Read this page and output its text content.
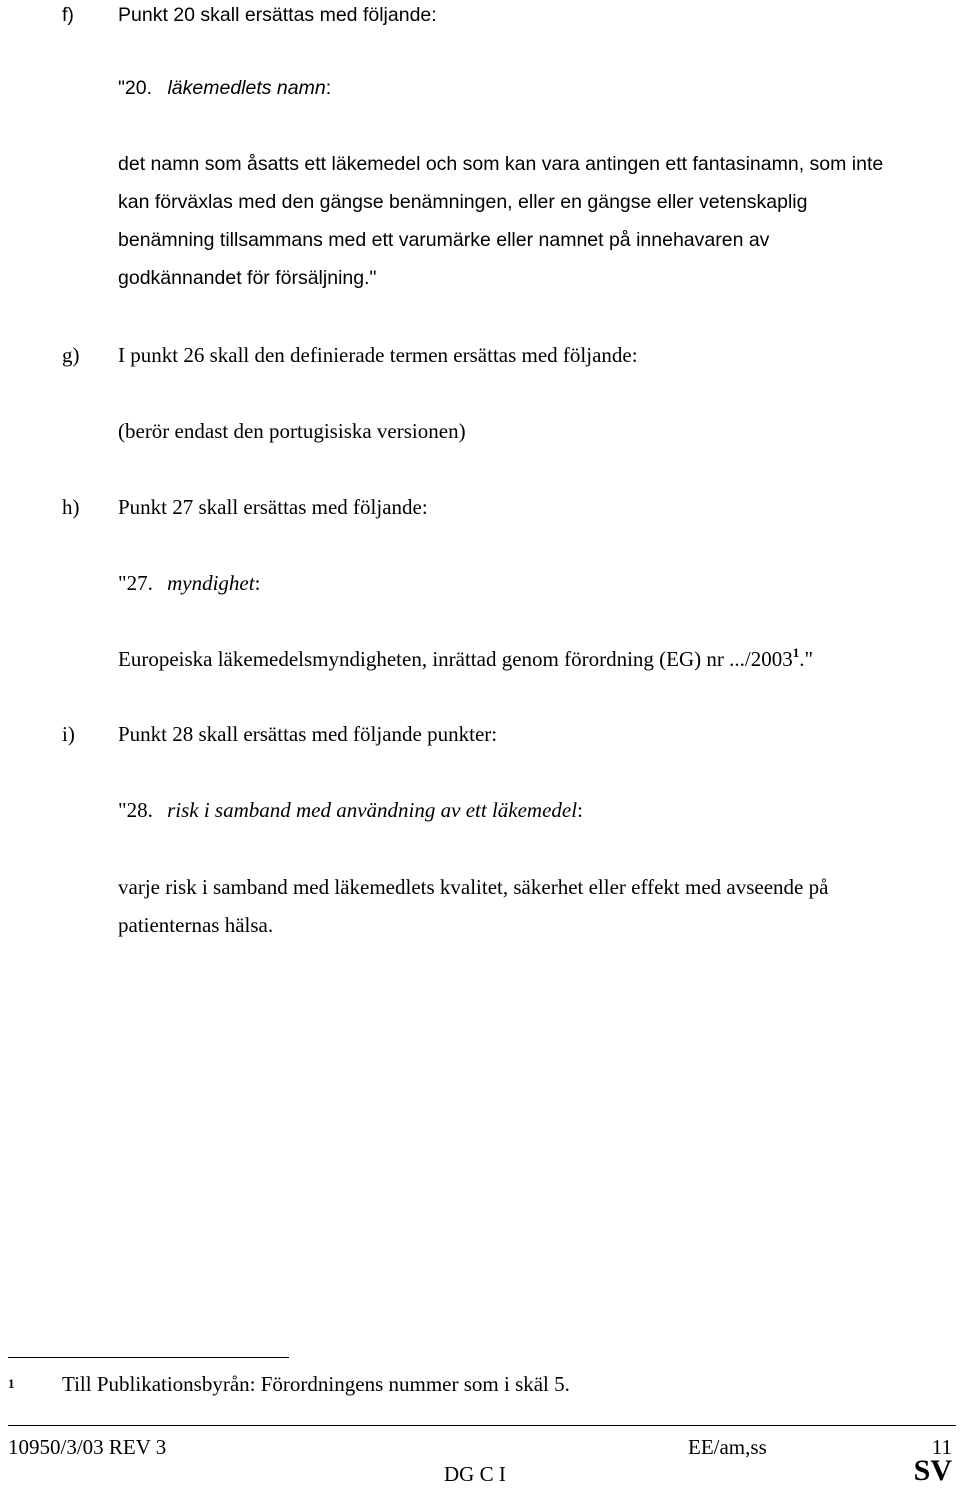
f) Punkt 20 skall ersättas med följande:
"20. läkemedlets namn:
det namn som åsatts ett läkemedel och som kan vara antingen ett fantasinamn, som inte
kan förväxlas med den gängse benämningen, eller en gängse eller vetenskaplig
benämning tillsammans med ett varumärke eller namnet på innehavaren av
godkännandet för försäljning."
g) I punkt 26 skall den definierade termen ersättas med följande:
(berör endast den portugisiska versionen)
h) Punkt 27 skall ersättas med följande:
"27. myndighet:
Europeiska läkemedelsmyndigheten, inrättad genom förordning (EG) nr .../2003$^1$."
i) Punkt 28 skall ersättas med följande punkter:
"28. risk i samband med användning av ett läkemedel:
varje risk i samband med läkemedlets kvalitet, säkerhet eller effekt med avseende på
patienternas hälsa.
$^1$ Till Publikationsbyrån: Förordningens nummer som i skäl 5.
10950/3/03 REV 3	EE/am,ss	11
DG C I	SV
